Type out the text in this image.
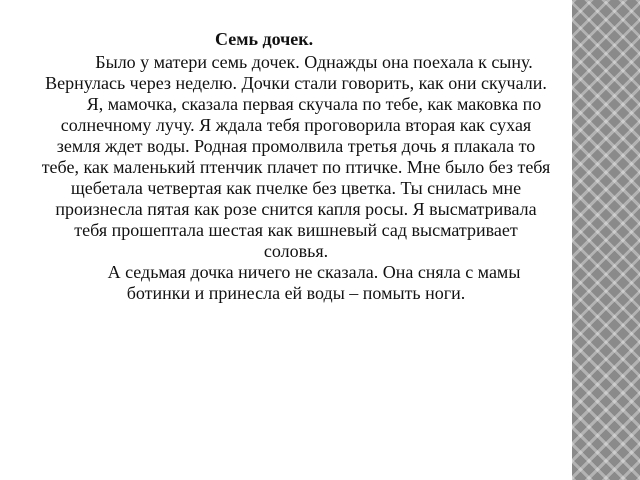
Семь дочек.

Было у матери семь дочек. Однажды она поехала к сыну. Вернулась через неделю. Дочки стали говорить, как они скучали.

Я, мамочка, сказала первая скучала по тебе, как маковка по солнечному лучу. Я ждала тебя проговорила вторая как сухая земля ждет воды. Родная промолвила третья дочь я плакала то тебе, как маленький птенчик плачет по птичке. Мне было без тебя щебетала четвертая как пчелке без цветка. Ты снилась мне произнесла пятая как розе снится капля росы. Я высматривала тебя прошептала шестая как вишневый сад высматривает соловья.

А седьмая дочка ничего не сказала. Она сняла с мамы ботинки и принесла ей воды – помыть ноги.
